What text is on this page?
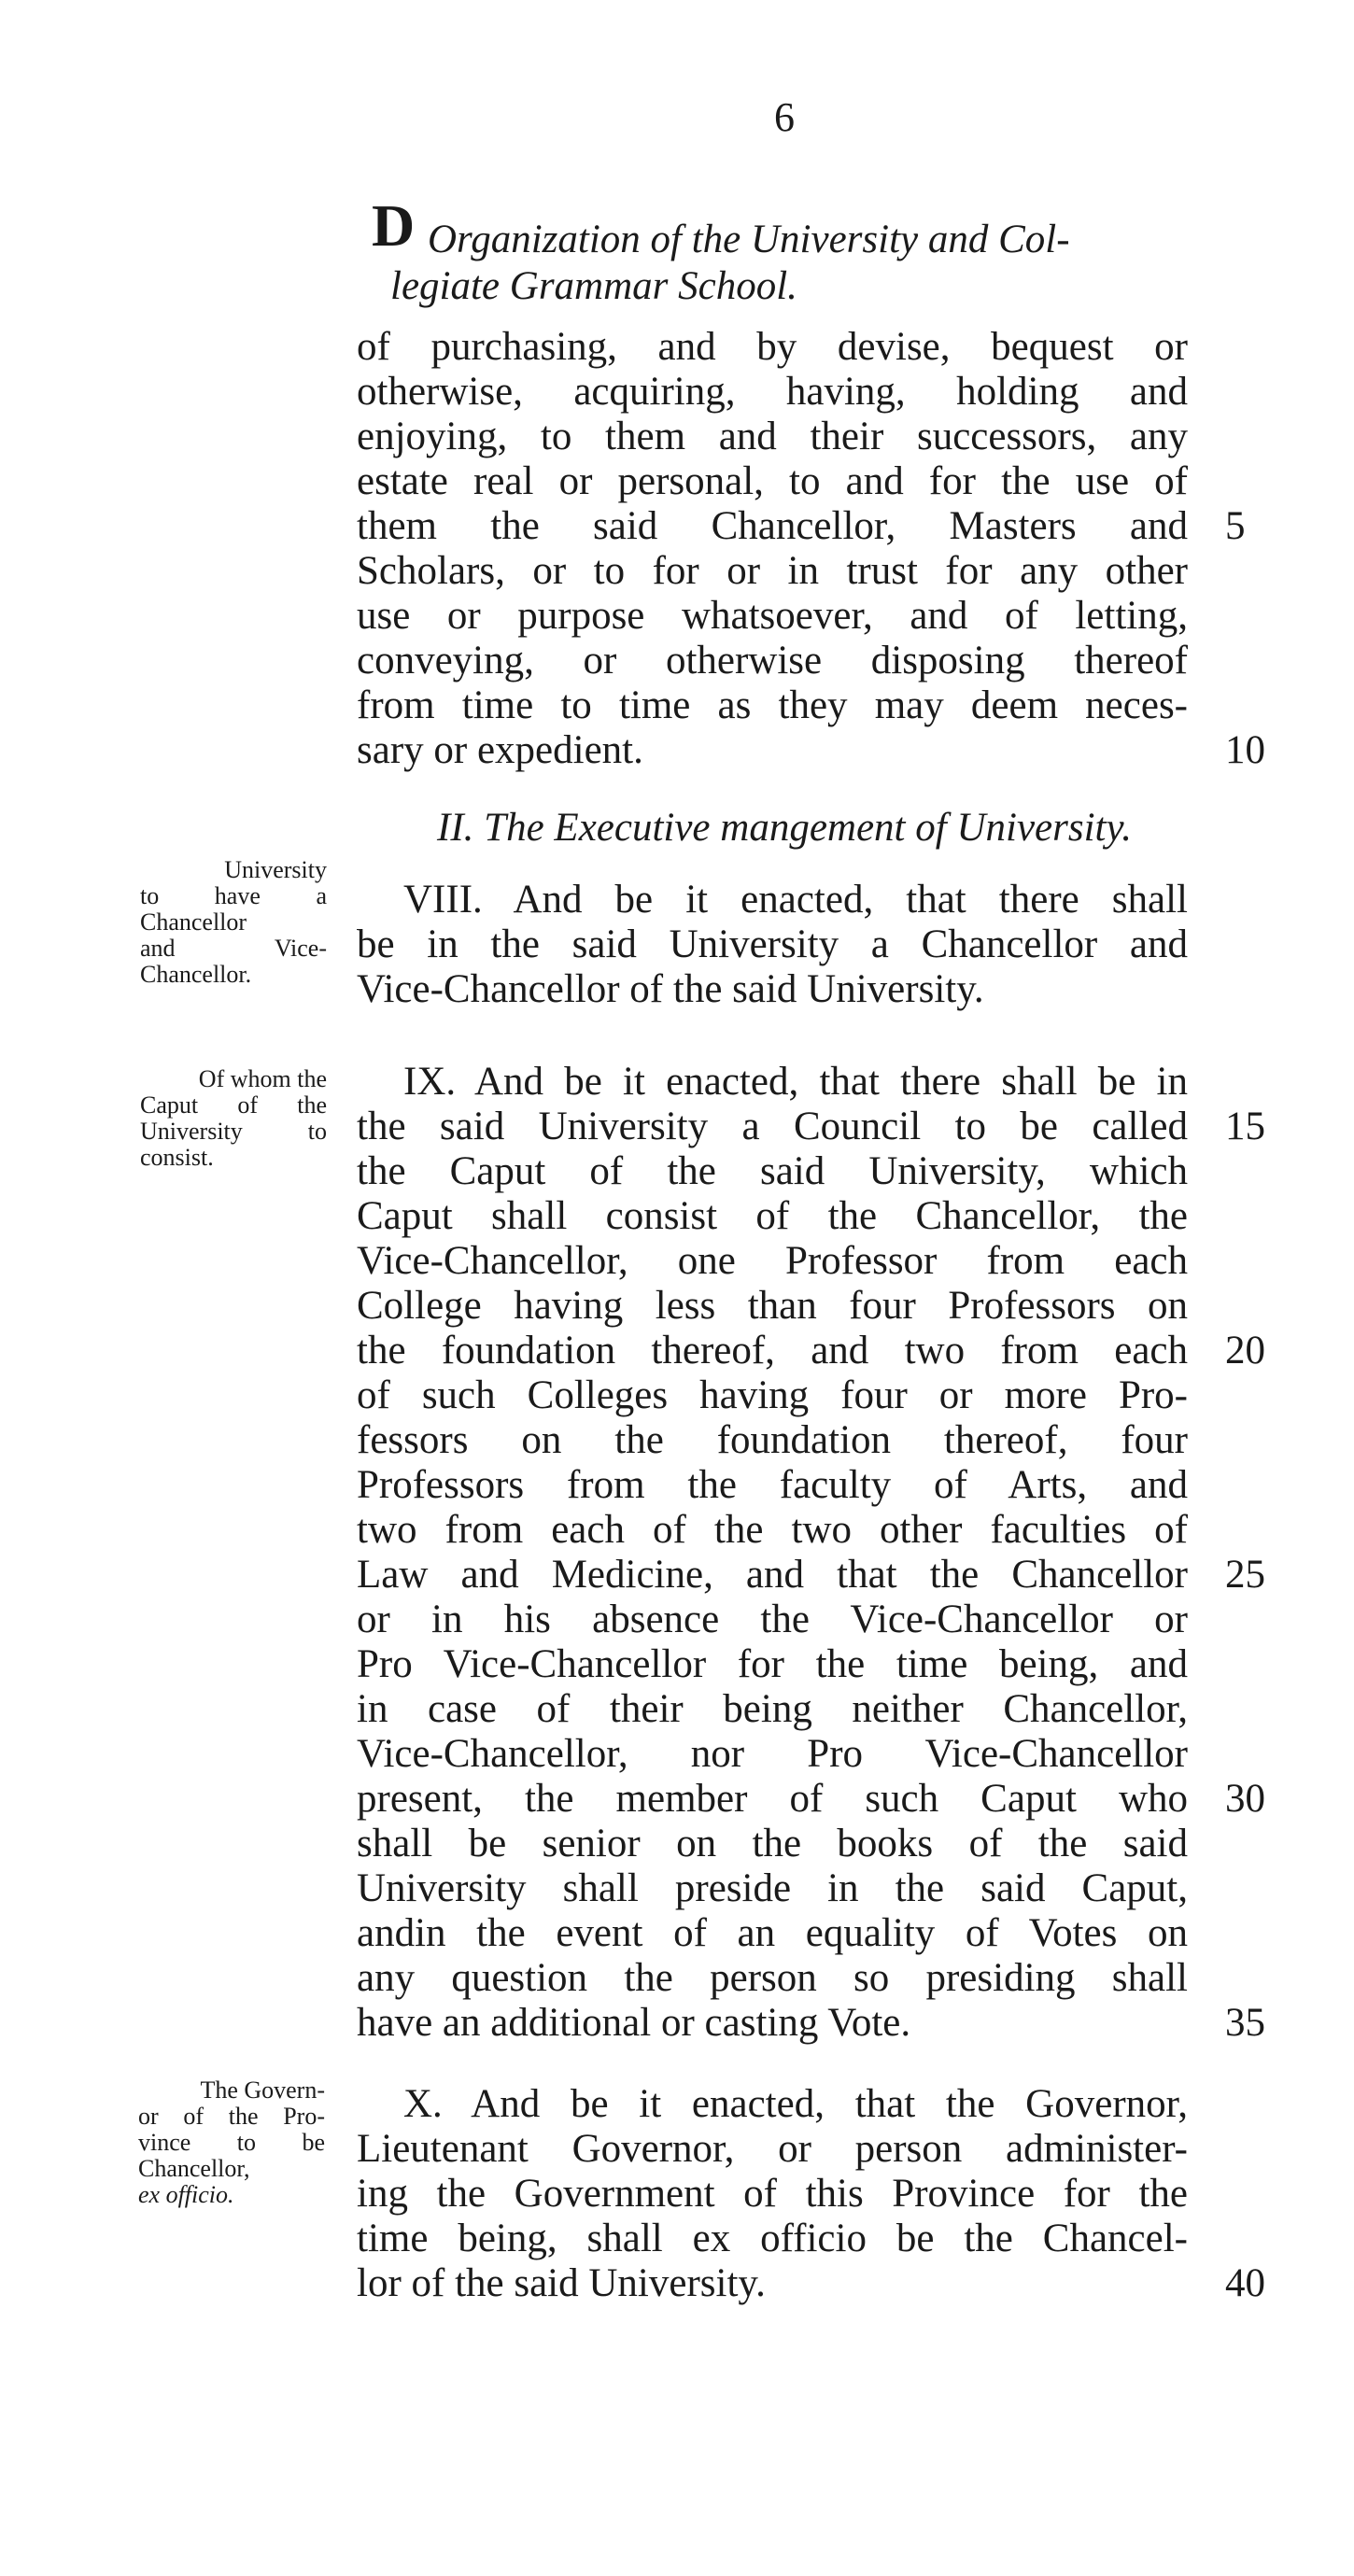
6
D Organization of the University and Col-
legiate Grammar School.
of purchasing, and by devise, bequest or
otherwise, acquiring, having, holding and
enjoying, to them and their successors, any
estate real or personal, to and for the use of
them the said Chancellor, Masters and 5
Scholars, or to for or in trust for any other
use or purpose whatsoever, and of letting,
conveying, or otherwise disposing thereof
from time to time as they may deem neces-
sary or expedient.	10
II. The Executive mangement of University.
VIII. And be it enacted, that there shall
be in the said University a Chancellor and
Vice-Chancellor of the said University.
IX. And be it enacted, that there shall be in
the said University a Council to be called 15
the Caput of the said University, which
Caput shall consist of the Chancellor, the
Vice-Chancellor, one Professor from each
College having less than four Professors on
the foundation thereof, and two from each 20
of such Colleges having four or more Pro-
fessors on the foundation thereof, four
Professors from the faculty of Arts, and
two from each of the two other faculties of
Law and Medicine, and that the Chancellor 25
or in his absence the Vice-Chancellor or
Pro Vice-Chancellor for the time being, and
in case of their being neither Chancellor,
Vice-Chancellor, nor Pro Vice-Chancellor
present, the member of such Caput who 30
shall be senior on the books of the said
University shall preside in the said Caput,
andin the event of an equality of Votes on
any question the person so presiding shall
have an additional or casting Vote.	35
X. And be it enacted, that the Governor,
Lieutenant Governor, or person administer-
ing the Government of this Province for the
time being, shall ex officio be the Chancel-
lor of the said University.	40
University
to have a
Chancellor
and Vice-
Chancellor.
Of whom the
Caput of the
University to
consist.
The Govern-
or of the Pro-
vince to be
Chancellor,
ex officio.
